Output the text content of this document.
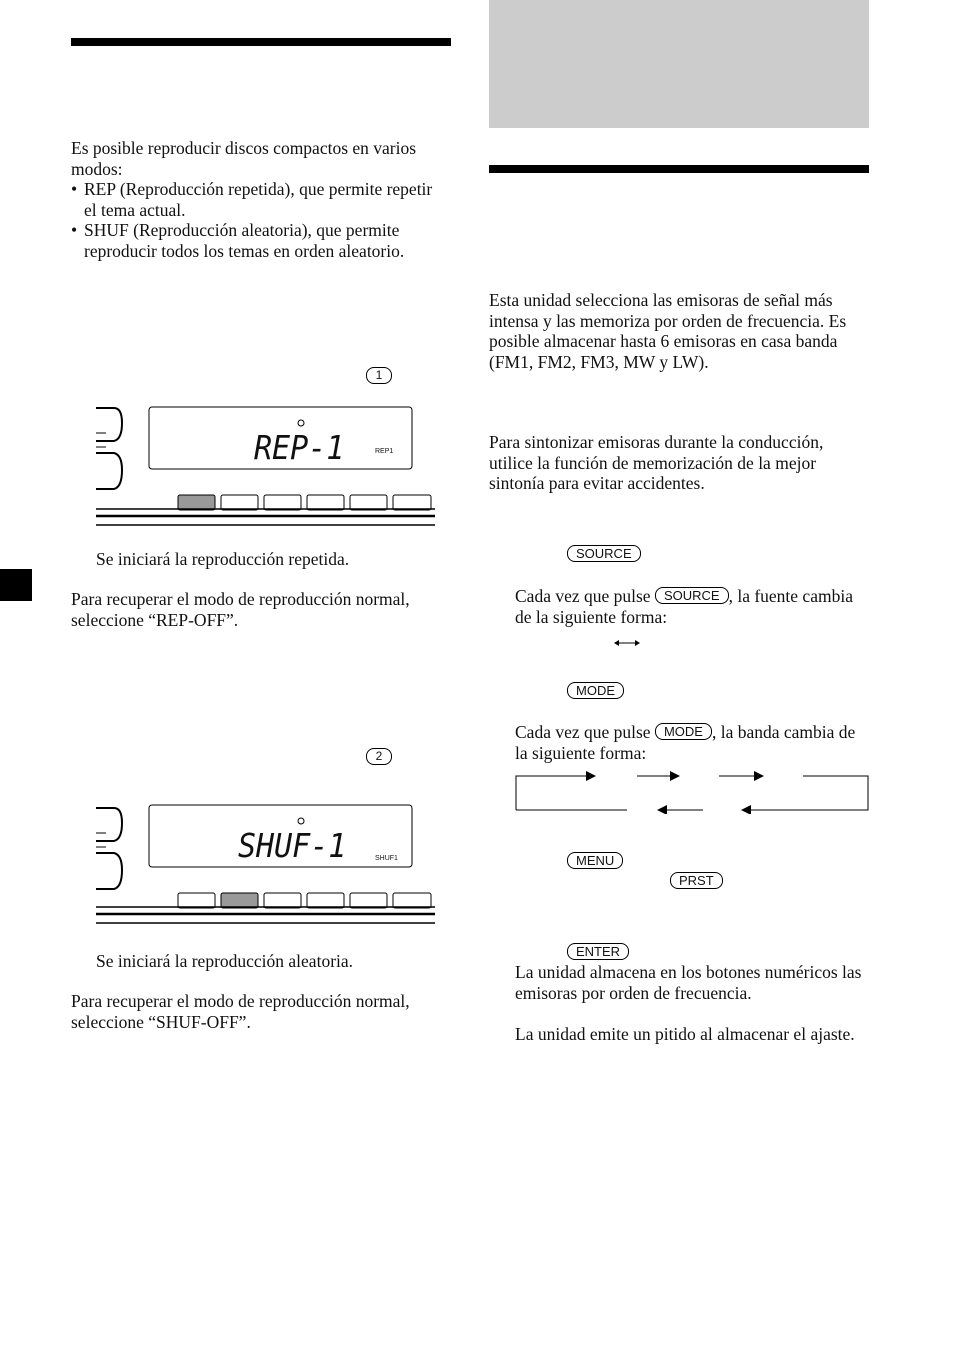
Es posible reproducir discos compactos en varios modos:

• REP (Reproducción repetida), que permite repetir el tema actual.
• SHUF (Reproducción aleatoria), que permite reproducir todos los temas en orden aleatorio.
1
REP-1	REP1

Se iniciará la reproducción repetida.

Para recuperar el modo de reproducción normal, seleccione “REP-OFF”.

2
SHUF-1	SHUF1

Se iniciará la reproducción aleatoria.

Para recuperar el modo de reproducción normal, seleccione “SHUF-OFF”.

Esta unidad selecciona las emisoras de señal más intensa y las memoriza por orden de frecuencia. Es posible almacenar hasta 6 emisoras en casa banda (FM1, FM2, FM3, MW y LW).

Para sintonizar emisoras durante la conducción, utilice la función de memorización de la mejor sintonía para evitar accidentes.

SOURCE

Cada vez que pulse SOURCE , la fuente cambia de la siguiente forma:

MODE

Cada vez que pulse MODE , la banda cambia de la siguiente forma:

MENU
PRST
ENTER

La unidad almacena en los botones numéricos las emisoras por orden de frecuencia.

La unidad emite un pitido al almacenar el ajaste.
